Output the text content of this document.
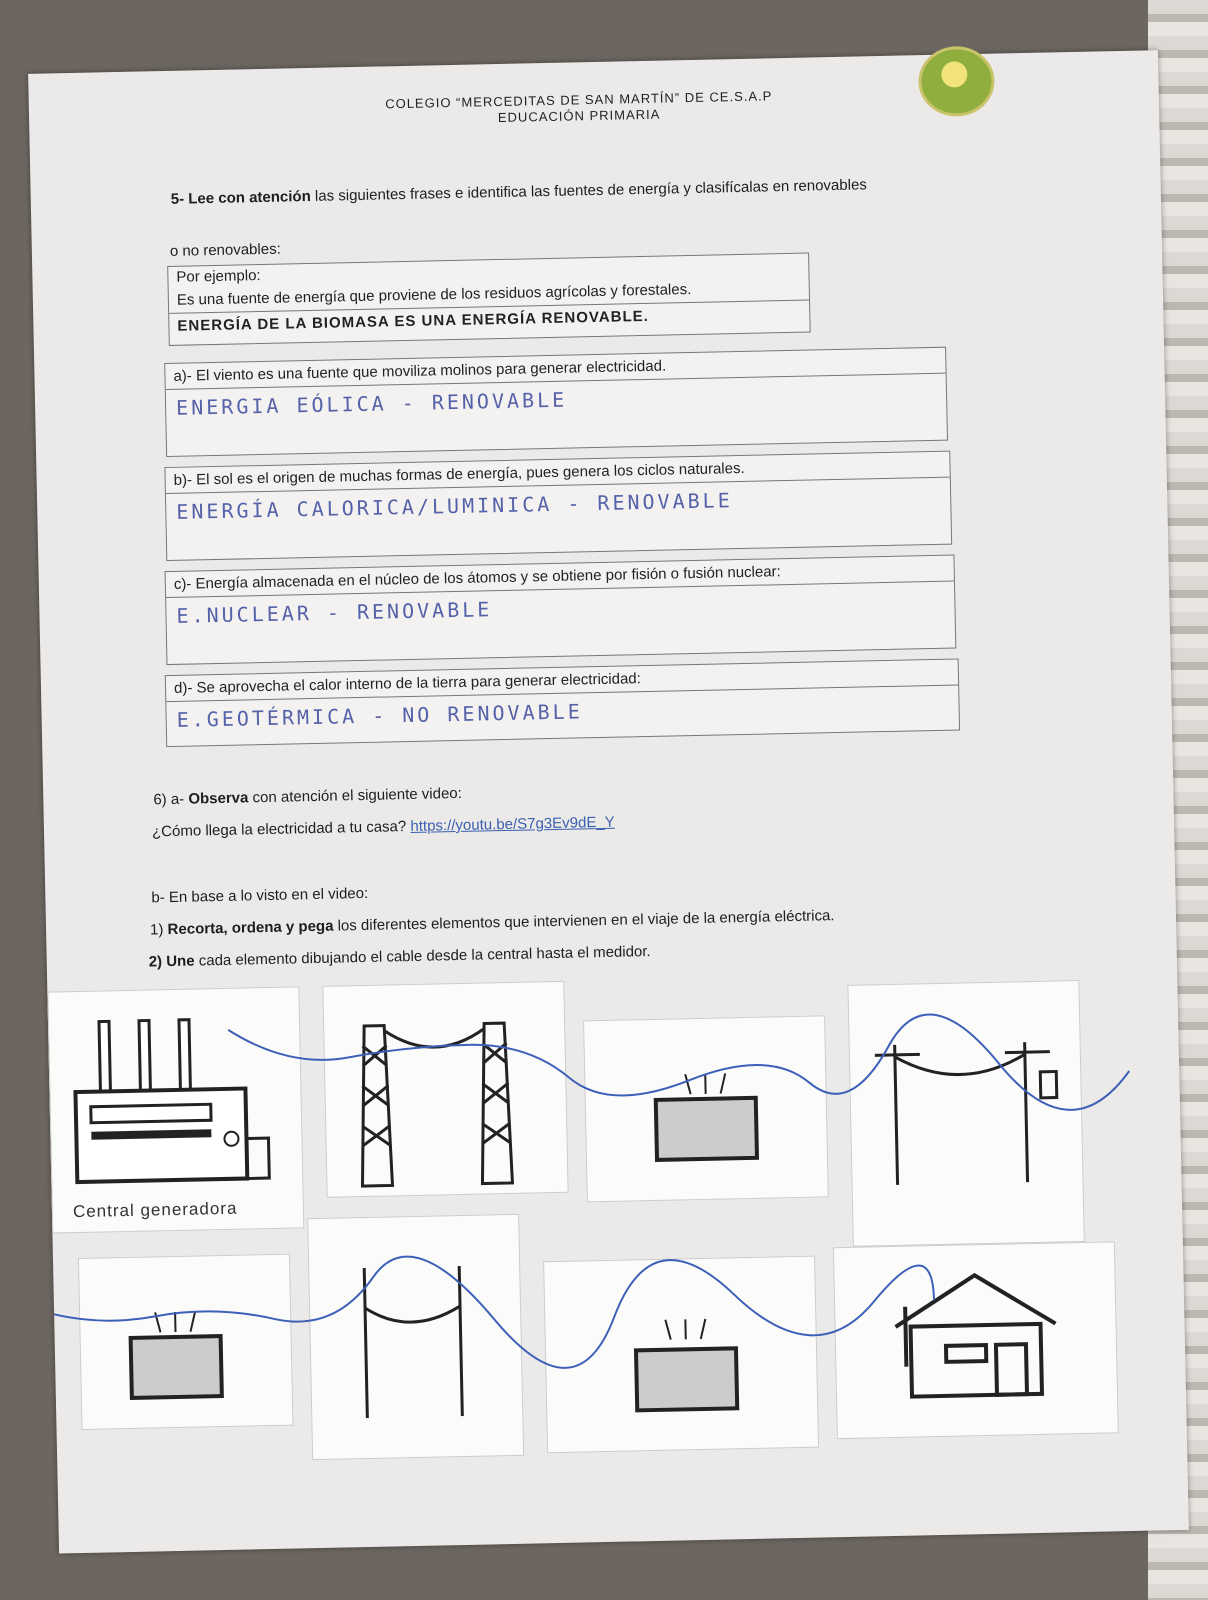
COLEGIO “MERCEDITAS DE SAN MARTÍN” DE CE.S.A.P
EDUCACIÓN PRIMARIA
5- Lee con atención las siguientes frases e identifica las fuentes de energía y clasifícalas en renovables
o no renovables:
Por ejemplo:
Es una fuente de energía que proviene de los residuos agrícolas y forestales.
ENERGÍA DE LA BIOMASA ES UNA ENERGÍA RENOVABLE.
a)- El viento es una fuente que moviliza molinos para generar electricidad.
ENERGIA EÓLICA - RENOVABLE
b)- El sol es el origen de muchas formas de energía, pues genera los ciclos naturales.
ENERGÍA CALORICA/LUMINICA - RENOVABLE
c)- Energía almacenada en el núcleo de los átomos y se obtiene por fisión o fusión nuclear:
E.NUCLEAR - RENOVABLE
d)- Se aprovecha el calor interno de la tierra para generar electricidad:
E.GEOTÉRMICA - NO RENOVABLE
6) a- Observa con atención el siguiente video:
¿Cómo llega la electricidad a tu casa? https://youtu.be/S7g3Ev9dE_Y
b- En base a lo visto en el video:
1) Recorta, ordena y pega los diferentes elementos que intervienen en el viaje de la energía eléctrica.
2) Une cada elemento dibujando el cable desde la central hasta el medidor.
Central generadora
